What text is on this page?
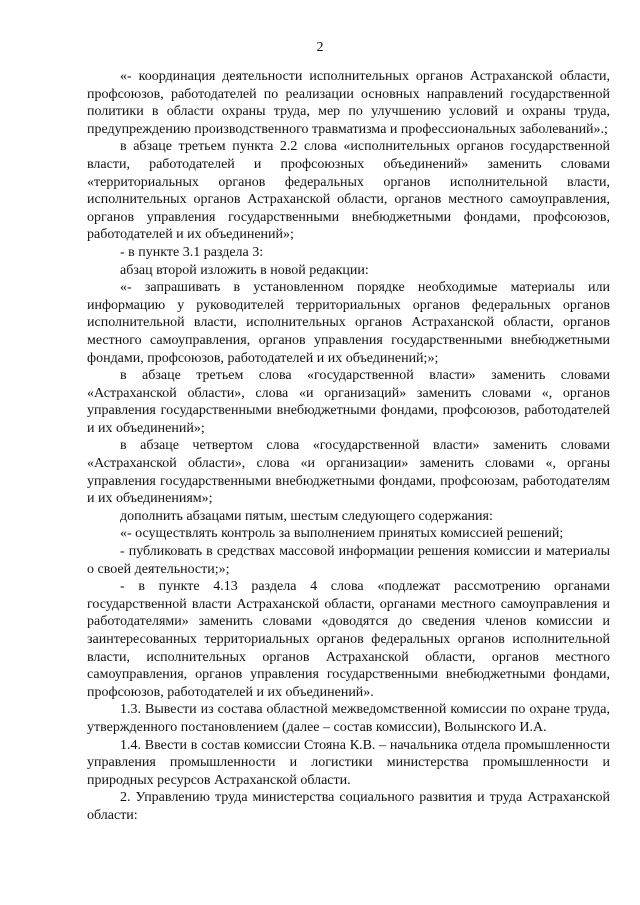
2

«- координация деятельности исполнительных органов Астраханской области, профсоюзов, работодателей по реализации основных направлений государственной политики в области охраны труда, мер по улучшению условий и охраны труда, предупреждению производственного травматизма и профессиональных заболеваний».;

в абзаце третьем пункта 2.2 слова «исполнительных органов государственной власти, работодателей и профсоюзных объединений» заменить словами «территориальных органов федеральных органов исполнительной власти, исполнительных органов Астраханской области, органов местного самоуправления, органов управления государственными внебюджетными фондами, профсоюзов, работодателей и их объединений»;

- в пункте 3.1 раздела 3:

абзац второй изложить в новой редакции:

«- запрашивать в установленном порядке необходимые материалы или информацию у руководителей территориальных органов федеральных органов исполнительной власти, исполнительных органов Астраханской области, органов местного самоуправления, органов управления государственными внебюджетными фондами, профсоюзов, работодателей и их объединений;»;

в абзаце третьем слова «государственной власти» заменить словами «Астраханской области», слова «и организаций» заменить словами «, органов управления государственными внебюджетными фондами, профсоюзов, работодателей и их объединений»;

в абзаце четвертом слова «государственной власти» заменить словами «Астраханской области», слова «и организации» заменить словами «, органы управления государственными внебюджетными фондами, профсоюзам, работодателям и их объединениям»;

дополнить абзацами пятым, шестым следующего содержания:

«- осуществлять контроль за выполнением принятых комиссией решений;

- публиковать в средствах массовой информации решения комиссии и материалы о своей деятельности;»;

- в пункте 4.13 раздела 4 слова «подлежат рассмотрению органами государственной власти Астраханской области, органами местного самоуправления и работодателями» заменить словами «доводятся до сведения членов комиссии и заинтересованных территориальных органов федеральных органов исполнительной власти, исполнительных органов Астраханской области, органов местного самоуправления, органов управления государственными внебюджетными фондами, профсоюзов, работодателей и их объединений».

1.3. Вывести из состава областной межведомственной комиссии по охране труда, утвержденного постановлением (далее – состав комиссии), Волынского И.А.

1.4. Ввести в состав комиссии Стояна К.В. – начальника отдела промышленности управления промышленности и логистики министерства промышленности и природных ресурсов Астраханской области.

2. Управлению труда министерства социального развития и труда Астраханской области:
